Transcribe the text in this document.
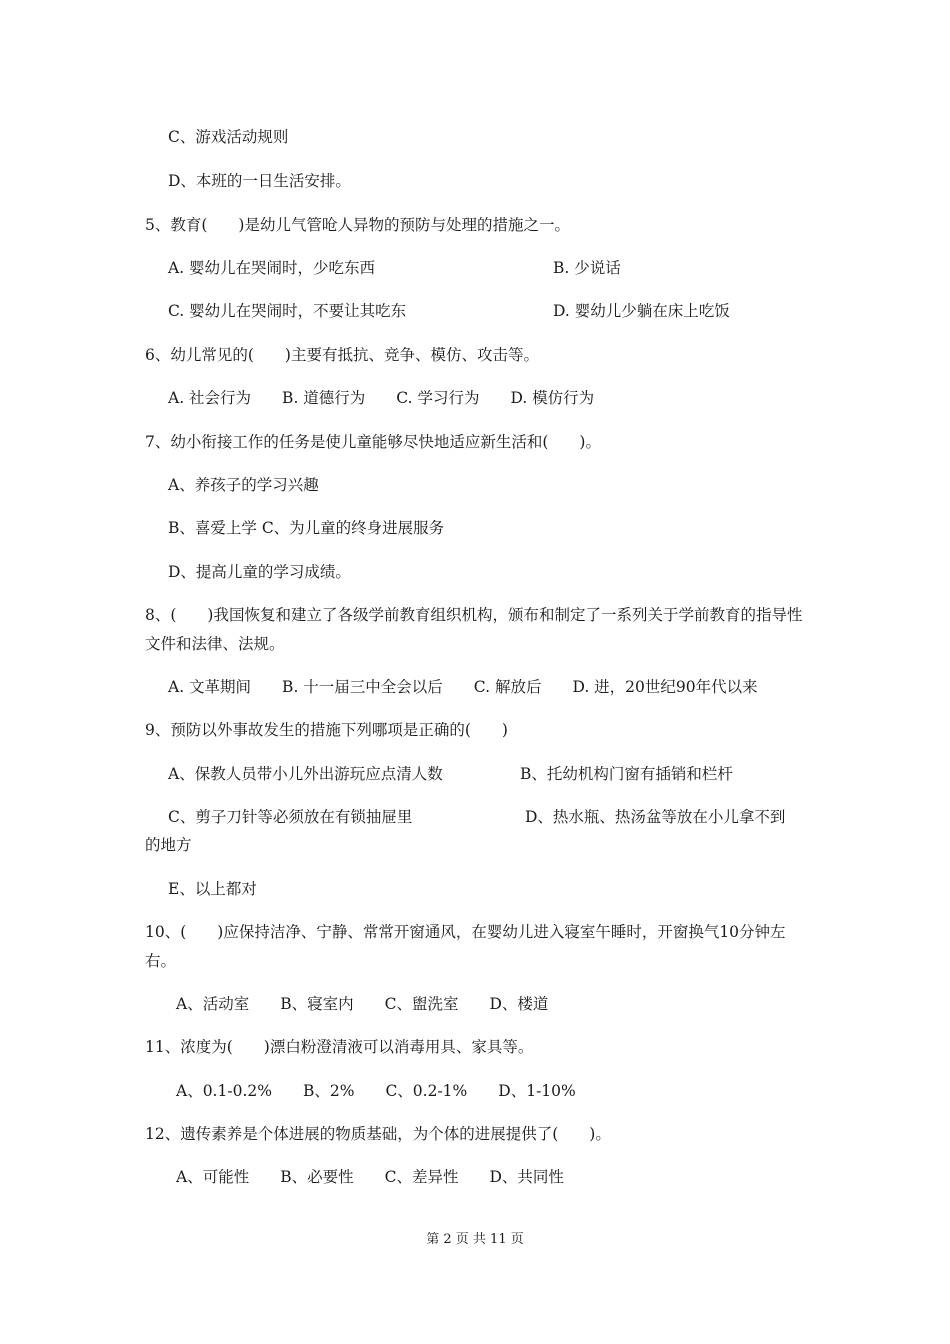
C、游戏活动规则
D、本班的一日生活安排。
5、教育(　　)是幼儿气管呛人异物的预防与处理的措施之一。
A. 婴幼儿在哭闹时，少吃东西	B. 少说话
C. 婴幼儿在哭闹时，不要让其吃东	D. 婴幼儿少躺在床上吃饭
6、幼儿常见的(　　)主要有抵抗、竞争、模仿、攻击等。
A. 社会行为　　B. 道德行为　　C. 学习行为　　D. 模仿行为
7、幼小衔接工作的任务是使儿童能够尽快地适应新生活和(　　)。
A、养孩子的学习兴趣
B、喜爱上学 C、为儿童的终身进展服务
D、提高儿童的学习成绩。
8、(　　)我国恢复和建立了各级学前教育组织机构，颁布和制定了一系列关于学前教育的指导性文件和法律、法规。
A. 文革期间　　B. 十一届三中全会以后　　C. 解放后　　D. 进，20世纪90年代以来
9、预防以外事故发生的措施下列哪项是正确的(　　)
A、保教人员带小儿外出游玩应点清人数	B、托幼机构门窗有插销和栏杆
C、剪子刀针等必须放在有锁抽屉里	D、热水瓶、热汤盆等放在小儿拿不到
的地方
E、以上都对
10、(　　)应保持洁净、宁静、常常开窗通风，在婴幼儿进入寝室午睡时，开窗换气10分钟左右。
A、活动室　　B、寝室内　　C、盥洗室　　D、楼道
11、浓度为(　　)漂白粉澄清液可以消毒用具、家具等。
A、0.1-0.2%　　B、2%　　C、0.2-1%　　D、1-10%
12、遗传素养是个体进展的物质基础，为个体的进展提供了(　　)。
A、可能性　　B、必要性　　C、差异性　　D、共同性
第 2 页 共 11 页
